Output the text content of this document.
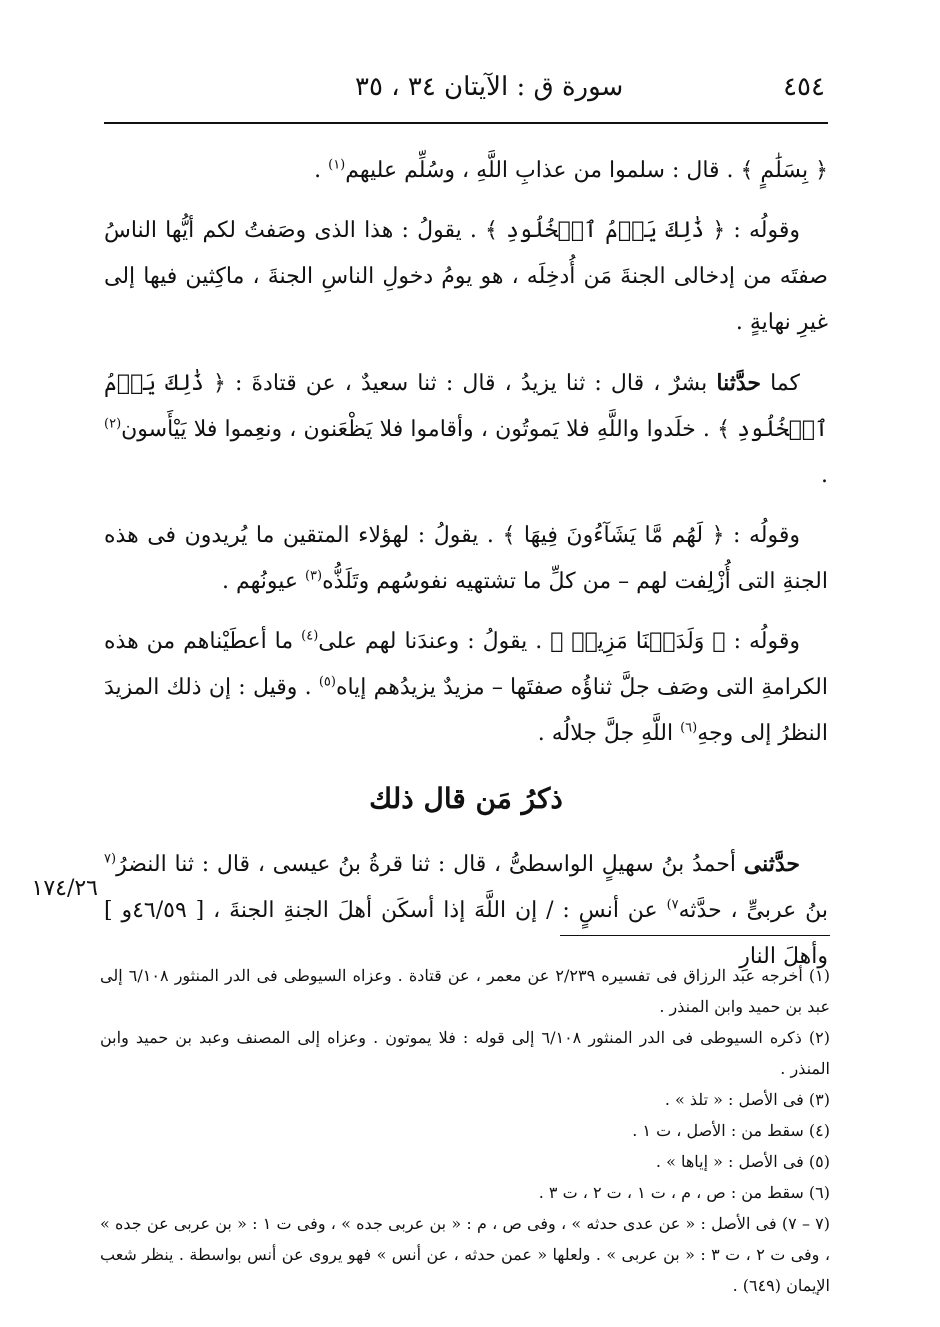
٤٥٤
سورة ق : الآيتان ٣٤ ، ٣٥

﴿ بِسَلَٰمٍ ﴾ . قال : سلموا من عذابِ اللَّهِ ، وسُلِّم عليهم$^{(١)}$ .

وقولُه : ﴿ ذَٰلِكَ يَوۡمُ ٱلۡخُلُودِ ﴾ . يقولُ : هذا الذى وصَفتُ لكم أيُّها الناسُ صفتَه من إدخالى الجنةَ مَن أُدخِلَه ، هو يومُ دخولِ الناسِ الجنةَ ، ماكِثين فيها إلى غيرِ نهايةٍ .

كما حدَّثنا بشرٌ ، قال : ثنا يزيدُ ، قال : ثنا سعيدٌ ، عن قتادةَ : ﴿ ذَٰلِكَ يَوۡمُ ٱلۡخُلُودِ ﴾ . خلَدوا واللَّهِ فلا يَموتُون ، وأقاموا فلا يَظْعَنون ، ونعِموا فلا يَيْأَسون$^{(٢)}$ .

وقولُه : ﴿ لَهُم مَّا يَشَآءُونَ فِيهَا ﴾ . يقولُ : لهؤلاء المتقين ما يُريدون فى هذه الجنةِ التى أُزْلِفت لهم – من كلِّ ما تشتهيه نفوسُهم وتَلَذُّه$^{(٣)}$ عيونُهم .

وقولُه : ﴿ وَلَدَيۡنَا مَزِيدٞ ﴾ . يقولُ : وعندَنا لهم على$^{(٤)}$ ما أعطَيْناهم من هذه الكرامةِ التى وصَف جلَّ ثناؤُه صفتَها – مزيدٌ يزيدُهم إياه$^{(٥)}$ . وقيل : إن ذلك المزيدَ النظرُ إلى وجهِ$^{(٦)}$ اللَّهِ جلَّ جلالُه .

ذكرُ مَن قال ذلك

حدَّثنى أحمدُ بنُ سهيلٍ الواسطىُّ ، قال : ثنا قرةُ بنُ عيسى ، قال : ثنا النضرُ$^{(٧}$ بنُ عربىٍّ ، حدَّثه$^{٧)}$ عن أنسٍ : / إن اللَّهَ إذا أسكَن أهلَ الجنةِ الجنةَ ، [ ٤٦/٥٩و ] وأهلَ النارِ

١٧٤/٢٦

(١) أخرجه عبد الرزاق فى تفسيره ٢/٢٣٩ عن معمر ، عن قتادة . وعزاه السيوطى فى الدر المنثور ٦/١٠٨ إلى عبد بن حميد وابن المنذر .

(٢) ذكره السيوطى فى الدر المنثور ٦/١٠٨ إلى قوله : فلا يموتون . وعزاه إلى المصنف وعبد بن حميد وابن المنذر .

(٣) فى الأصل : « تلذ » .

(٤) سقط من : الأصل ، ت ١ .

(٥) فى الأصل : « إياها » .

(٦) سقط من : ص ، م ، ت ١ ، ت ٢ ، ت ٣ .

(٧ – ٧) فى الأصل : « عن عدى حدثه » ، وفى ص ، م : « بن عربى جده » ، وفى ت ١ : « بن عربى عن جده » ، وفى ت ٢ ، ت ٣ : « بن عربى » . ولعلها « عمن حدثه ، عن أنس » فهو يروى عن أنس بواسطة . ينظر شعب الإيمان (٦٤٩) .
